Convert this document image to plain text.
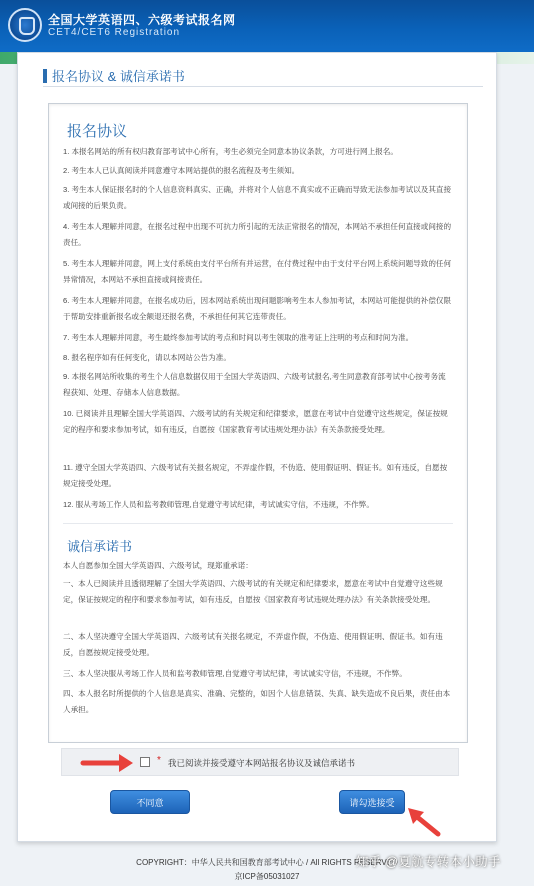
全国大学英语四、六级考试报名网
CET4/CET6 Registration
报名协议 & 诚信承诺书
报名协议
1. 本报名网站的所有权归教育部考试中心所有，考生必须完全同意本协议条款，方可进行网上报名。
2. 考生本人已认真阅读并同意遵守本网站提供的报名流程及考生须知。
3. 考生本人保证报名时的个人信息资料真实、正确，并将对个人信息不真实或不正确而导致无法参加考试以及其直接或间接的后果负责。
4. 考生本人理解并同意，在报名过程中出现不可抗力所引起的无法正常报名的情况，本网站不承担任何直接或间接的责任。
5. 考生本人理解并同意，网上支付系统由支付平台所有并运营，在付费过程中由于支付平台网上系统问题导致的任何异常情况，本网站不承担直接或间接责任。
6. 考生本人理解并同意，在报名成功后，因本网站系统出现问题影响考生本人参加考试，本网站可能提供的补偿仅限于帮助安排重新报名或全额退还报名费，不承担任何其它连带责任。
7. 考生本人理解并同意，考生最终参加考试的考点和时间以考生领取的准考证上注明的考点和时间为准。
8. 报名程序如有任何变化，请以本网站公告为准。
9. 本报名网站所收集的考生个人信息数据仅用于全国大学英语四、六级考试报名,考生同意教育部考试中心按考务流程获知、处理、存储本人信息数据。
10. 已阅读并且理解全国大学英语四、六级考试的有关规定和纪律要求，愿意在考试中自觉遵守这些规定，保证按规定的程序和要求参加考试，如有违反，自愿按《国家教育考试违规处理办法》有关条款接受处理。
11. 遵守全国大学英语四、六级考试有关报名规定，不弄虚作假，不伪造、使用假证明、假证书。如有违反，自愿按规定接受处理。
12. 服从考场工作人员和监考教师管理,自觉遵守考试纪律，考试诚实守信，不违规，不作弊。
诚信承诺书
本人自愿参加全国大学英语四、六级考试，现郑重承诺：
一、本人已阅读并且透彻理解了全国大学英语四、六级考试的有关规定和纪律要求，愿意在考试中自觉遵守这些规定，保证按规定的程序和要求参加考试，如有违反，自愿按《国家教育考试违规处理办法》有关条款接受处理。
二、本人坚决遵守全国大学英语四、六级考试有关报名规定，不弄虚作假，不伪造、使用假证明、假证书。如有违反，自愿按规定接受处理。
三、本人坚决服从考场工作人员和监考教师管理,自觉遵守考试纪律，考试诚实守信，不违规，不作弊。
四、本人报名时所提供的个人信息是真实、准确、完整的，如因个人信息错误、失真、缺失造成不良后果，责任由本人承担。
* 我已阅读并接受遵守本网站报名协议及诚信承诺书
不同意	请勾选接受
COPYRIGHT：中华人民共和国教育部考试中心 / All RIGHTS RESERVED
京ICP备05031027
知乎 @夏航专转本小助手
